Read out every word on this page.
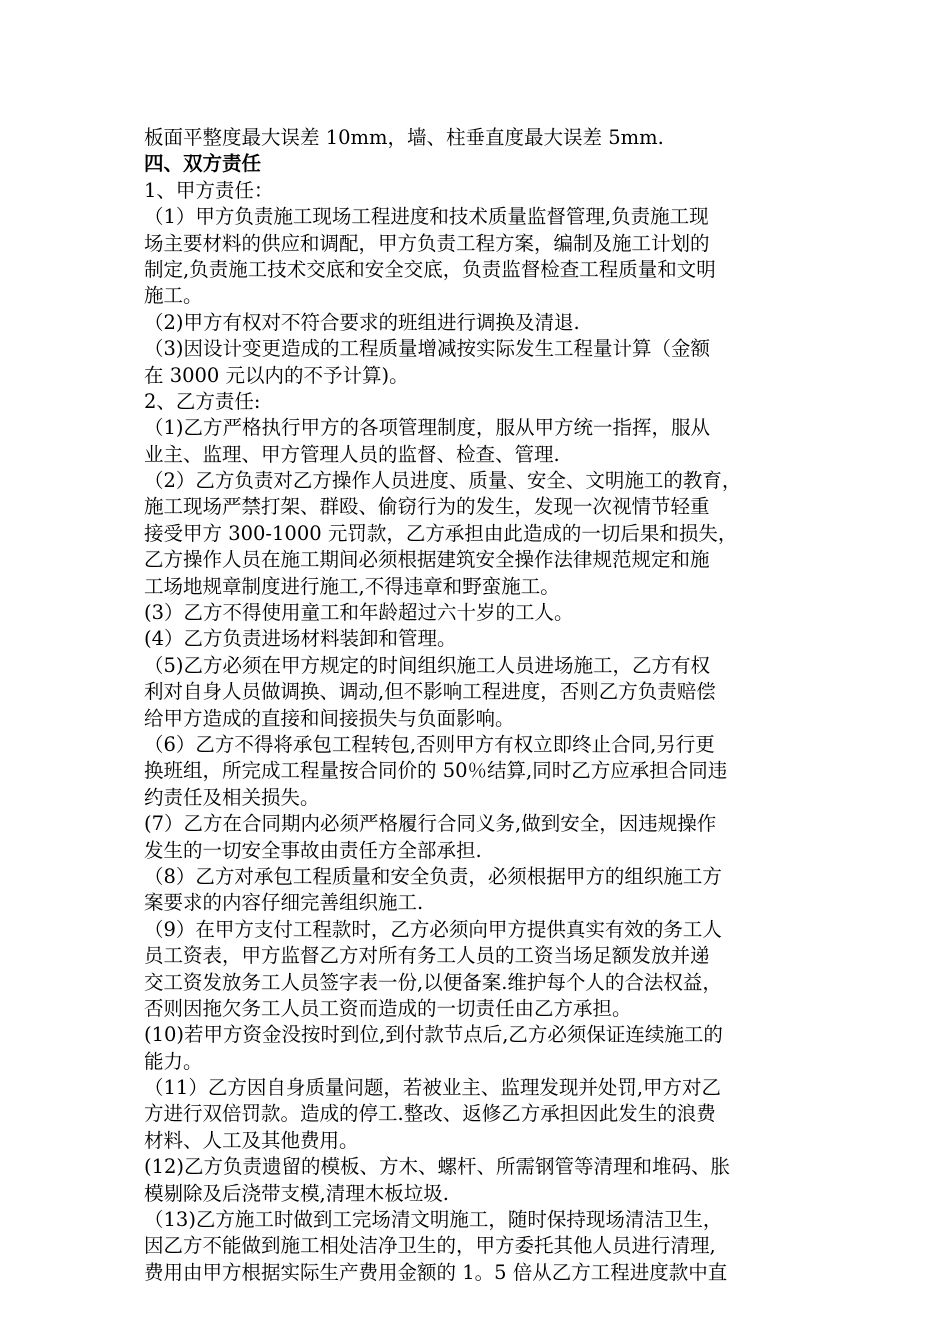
板面平整度最大误差 10mm，墙、柱垂直度最大误差 5mm.
四、双方责任
1、甲方责任：
（1）甲方负责施工现场工程进度和技术质量监督管理,负责施工现
场主要材料的供应和调配，甲方负责工程方案，编制及施工计划的
制定,负责施工技术交底和安全交底，负责监督检查工程质量和文明
施工。
（2)甲方有权对不符合要求的班组进行调换及清退.
（3)因设计变更造成的工程质量增减按实际发生工程量计算（金额
在 3000 元以内的不予计算)。
2、乙方责任:
（1)乙方严格执行甲方的各项管理制度，服从甲方统一指挥，服从
业主、监理、甲方管理人员的监督、检查、管理.
（2）乙方负责对乙方操作人员进度、质量、安全、文明施工的教育，
施工现场严禁打架、群殴、偷窃行为的发生，发现一次视情节轻重
接受甲方 300-1000 元罚款，乙方承担由此造成的一切后果和损失，
乙方操作人员在施工期间必须根据建筑安全操作法律规范规定和施
工场地规章制度进行施工,不得违章和野蛮施工。
(3）乙方不得使用童工和年龄超过六十岁的工人。
(4）乙方负责进场材料装卸和管理。
（5)乙方必须在甲方规定的时间组织施工人员进场施工，乙方有权
利对自身人员做调换、调动,但不影响工程进度，否则乙方负责赔偿
给甲方造成的直接和间接损失与负面影响。
（6）乙方不得将承包工程转包,否则甲方有权立即终止合同,另行更
换班组，所完成工程量按合同价的 50％结算,同时乙方应承担合同违
约责任及相关损失。
(7）乙方在合同期内必须严格履行合同义务,做到安全，因违规操作
发生的一切安全事故由责任方全部承担.
（8）乙方对承包工程质量和安全负责，必须根据甲方的组织施工方
案要求的内容仔细完善组织施工.
（9）在甲方支付工程款时，乙方必须向甲方提供真实有效的务工人
员工资表，甲方监督乙方对所有务工人员的工资当场足额发放并递
交工资发放务工人员签字表一份,以便备案.维护每个人的合法权益，
否则因拖欠务工人员工资而造成的一切责任由乙方承担。
(10)若甲方资金没按时到位,到付款节点后,乙方必须保证连续施工的
能力。
（11）乙方因自身质量问题，若被业主、监理发现并处罚,甲方对乙
方进行双倍罚款。造成的停工.整改、返修乙方承担因此发生的浪费
材料、人工及其他费用。
(12)乙方负责遗留的模板、方木、螺杆、所需钢管等清理和堆码、胀
模剔除及后浇带支模,清理木板垃圾.
（13)乙方施工时做到工完场清文明施工，随时保持现场清洁卫生，
因乙方不能做到施工相处洁净卫生的，甲方委托其他人员进行清理,
费用由甲方根据实际生产费用金额的 1。5 倍从乙方工程进度款中直
